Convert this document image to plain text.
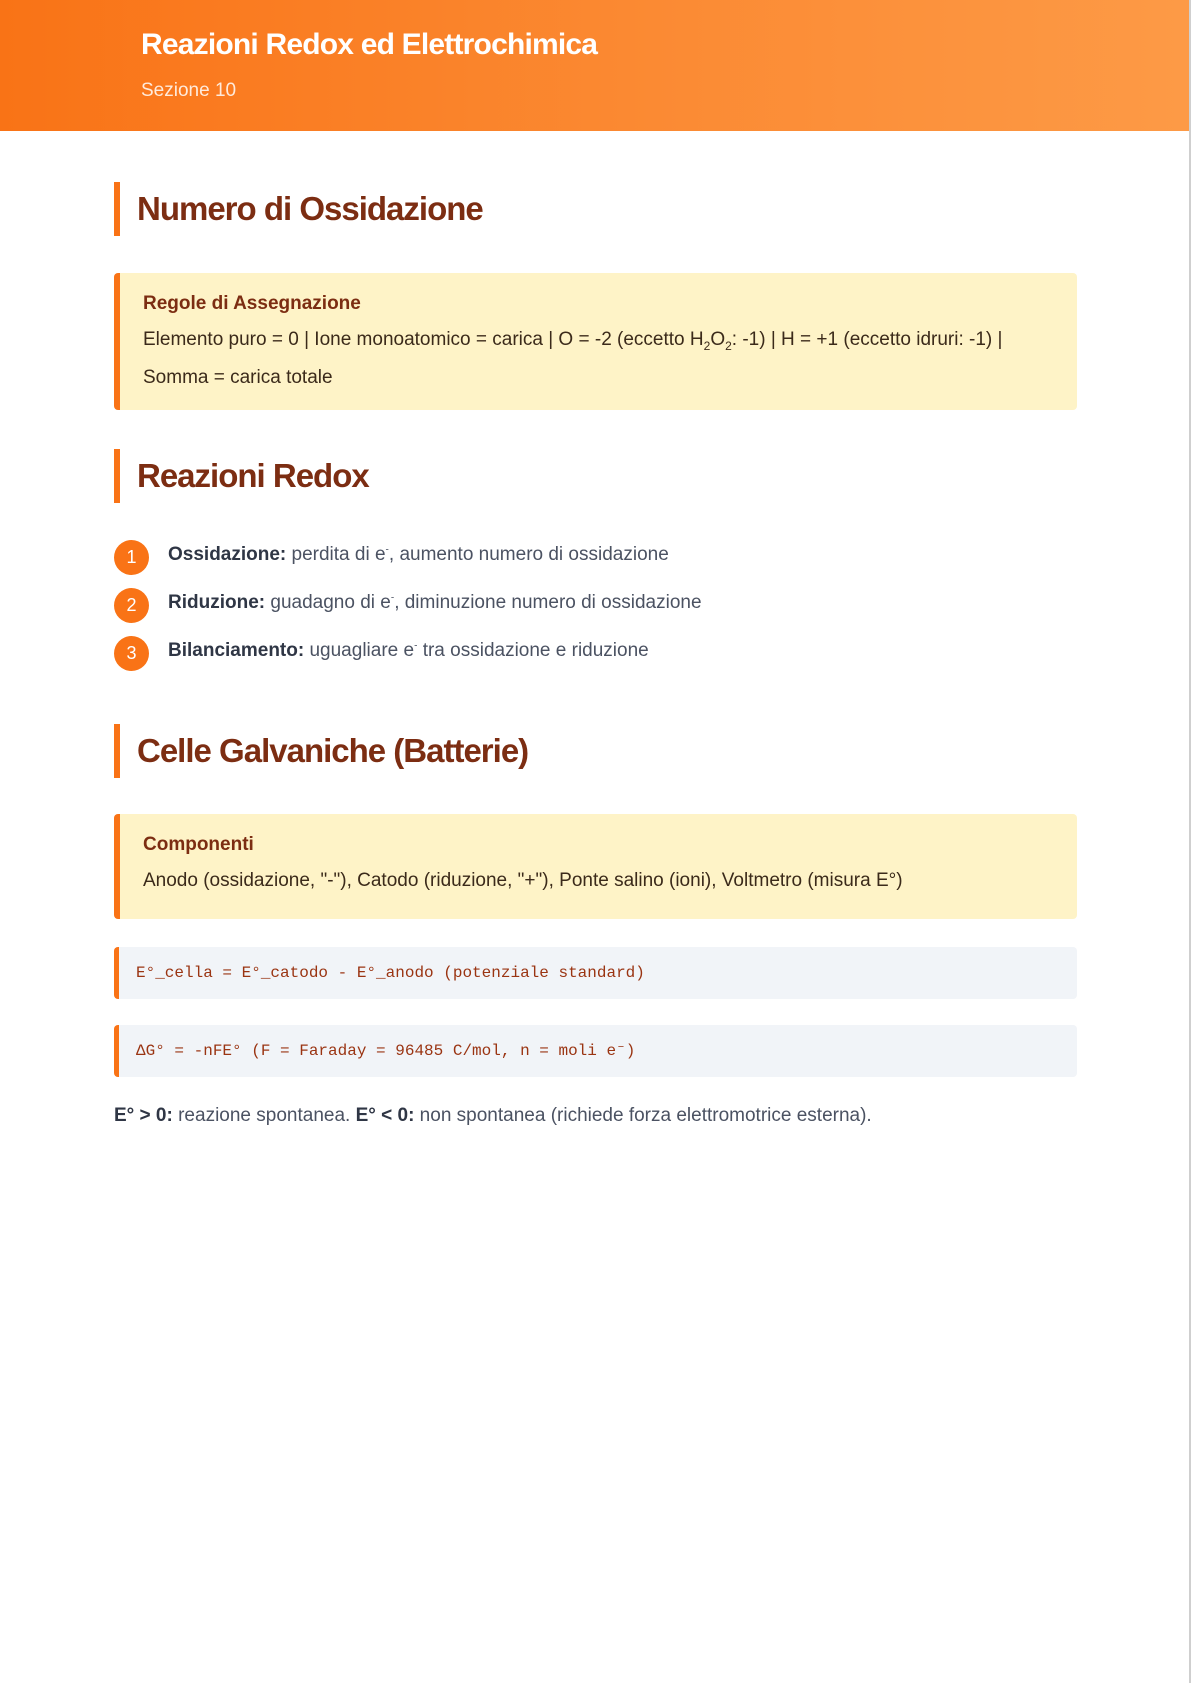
Reazioni Redox ed Elettrochimica
Sezione 10
Numero di Ossidazione

Regole di Assegnazione

Elemento puro = 0 | Ione monoatomico = carica | O = -2 (eccetto $H_2O_2$: -1) | H = +1 (eccetto idruri: -1) | Somma = carica totale

Reazioni Redox
1	Ossidazione: perdita di e-, aumento numero di ossidazione
2	Riduzione: guadagno di e-, diminuzione numero di ossidazione
3	Bilanciamento: uguagliare e- tra ossidazione e riduzione
Celle Galvaniche (Batterie)

Componenti

Anodo (ossidazione, "-"), Catodo (riduzione, "+"), Ponte salino (ioni), Voltmetro (misura E°)

E°_cella = E°_catodo - E°_anodo (potenziale standard)
ΔG° = -nFE° (F = Faraday = 96485 C/mol, n = moli e⁻)

E° > 0: reazione spontanea. E° < 0: non spontanea (richiede forza elettromotrice esterna).
